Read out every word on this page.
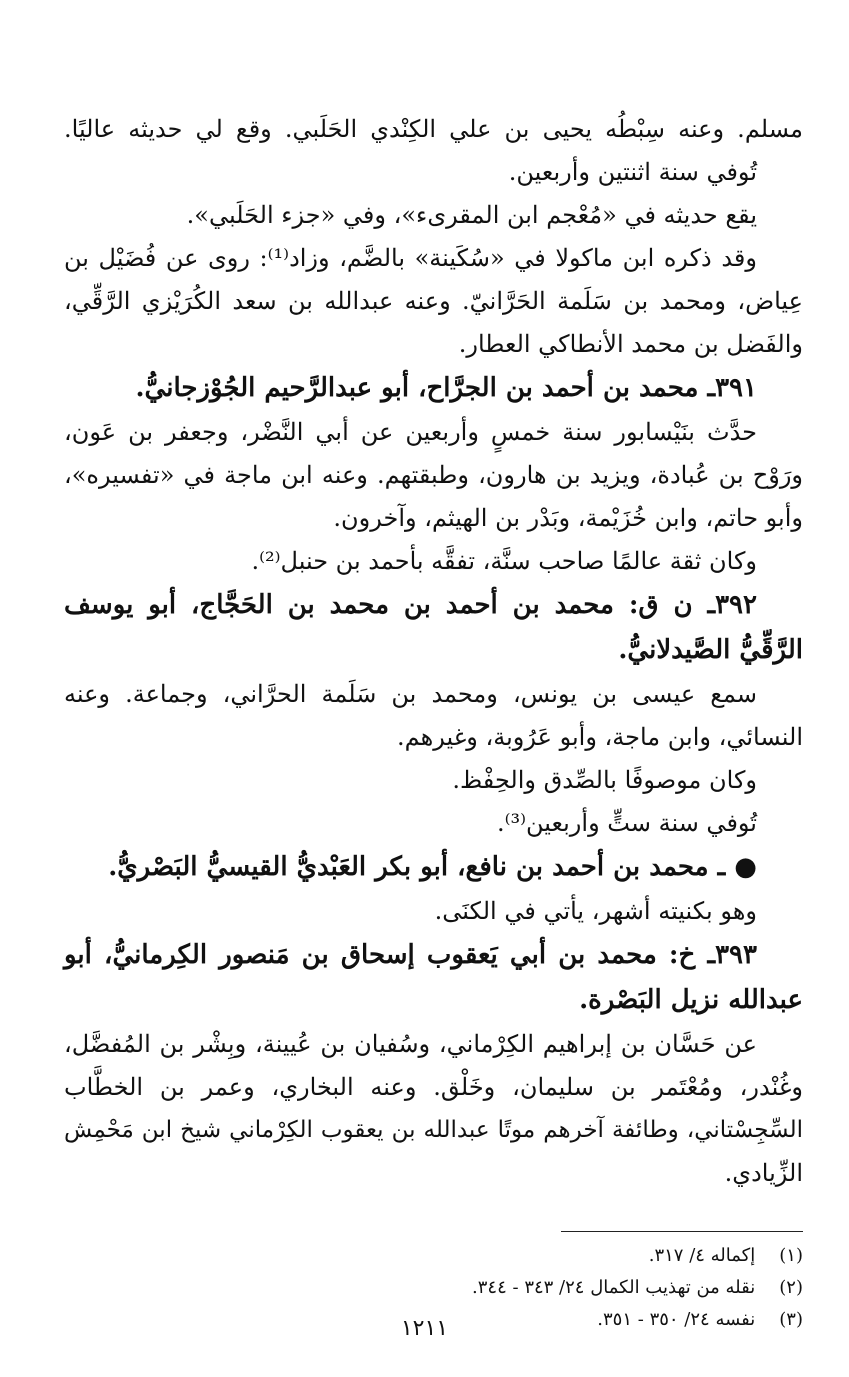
مسلم. وعنه سِبْطُه يحيى بن علي الكِنْدي الحَلَبي. وقع لي حديثه عاليًا.
تُوفي سنة اثنتين وأربعين.
يقع حديثه في «مُعْجم ابن المقرىء»، وفي «جزء الحَلَبي».
وقد ذكره ابن ماكولا في «سُكَينة» بالضَّم، وزاد⁽¹⁾: روى عن فُضَيْل بن
عِياض، ومحمد بن سَلَمة الحَرَّانيّ. وعنه عبدالله بن سعد الكُرَيْزي الرَّقِّي،
والفَضل بن محمد الأنطاكي العطار.
٣٩١ـ محمد بن أحمد بن الجرَّاح، أبو عبدالرَّحيم الجُوْزجانيُّ.
حدَّث بنَيْسابور سنة خمسٍ وأربعين عن أبي النَّضْر، وجعفر بن عَون،
ورَوْح بن عُبادة، ويزيد بن هارون، وطبقتهم. وعنه ابن ماجة في «تفسيره»،
وأبو حاتم، وابن خُزَيْمة، وبَدْر بن الهيثم، وآخرون.
وكان ثقة عالمًا صاحب سنَّة، تفقَّه بأحمد بن حنبل⁽²⁾.
٣٩٢ـ ن ق: محمد بن أحمد بن محمد بن الحَجَّاج، أبو يوسف
الرَّقِّيُّ الصَّيدلانيُّ.
سمع عيسى بن يونس، ومحمد بن سَلَمة الحرَّاني، وجماعة. وعنه
النسائي، وابن ماجة، وأبو عَرُوبة، وغيرهم.
وكان موصوفًا بالصِّدق والحِفْظ.
تُوفي سنة ستٍّ وأربعين⁽³⁾.
● ـ محمد بن أحمد بن نافع، أبو بكر العَبْديُّ القيسيُّ البَصْريُّ.
وهو بكنيته أشهر، يأتي في الكنَى.
٣٩٣ـ خ: محمد بن أبي يَعقوب إسحاق بن مَنصور الكِرمانيُّ، أبو
عبدالله نزيل البَصْرة.
عن حَسَّان بن إبراهيم الكِرْماني، وسُفيان بن عُيينة، وبِشْر بن المُفضَّل،
وغُنْدر، ومُعْتَمر بن سليمان، وخَلْق. وعنه البخاري، وعمر بن الخطَّاب
السِّجِسْتاني، وطائفة آخرهم موتًا عبدالله بن يعقوب الكِرْماني شيخ ابن مَحْمِش
الزِّيادي.
(١) إكماله ٤/ ٣١٧.
(٢) نقله من تهذيب الكمال ٢٤/ ٣٤٣ - ٣٤٤.
(٣) نفسه ٢٤/ ٣٥٠ - ٣٥١.
١٢١١
